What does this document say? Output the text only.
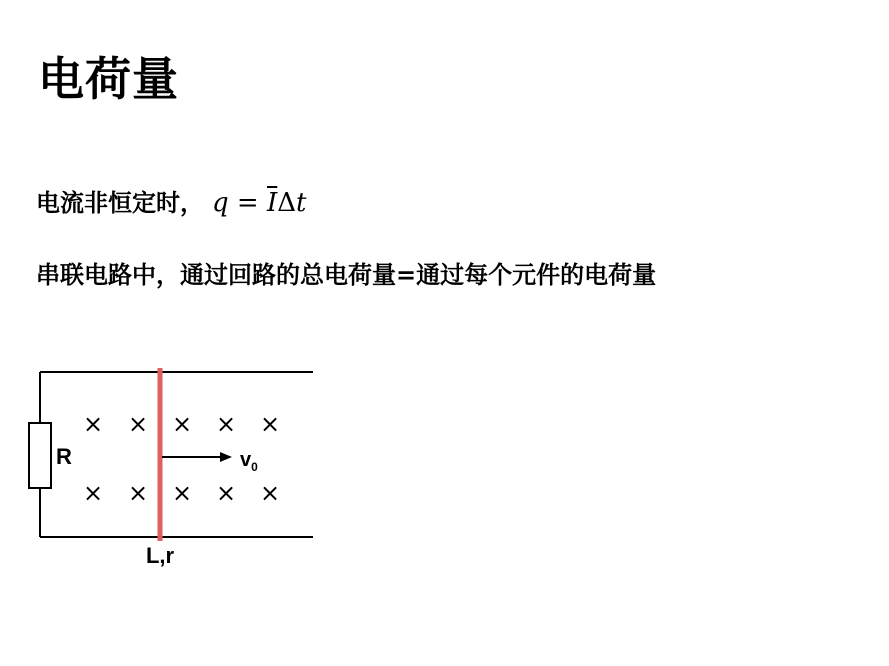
电荷量
电流非恒定时， $q = \overline{I}\Delta t$
串联电路中，通过回路的总电荷量=通过每个元件的电荷量
R
× × × × ×
× × × × ×
$v_0$
L,r
